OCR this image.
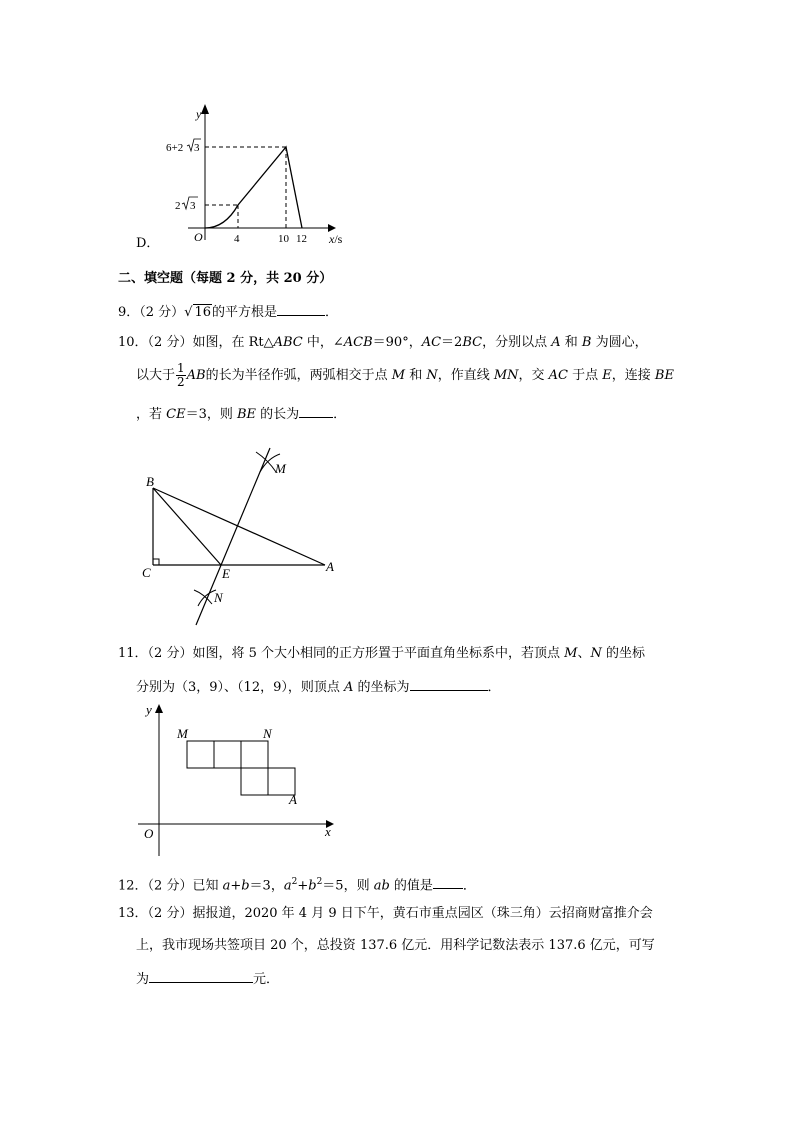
y
x/s
O	4	10 12
6+2 3
2 3
D．
二、填空题（每题 2 分，共 20 分）
9．（2 分）√ 16的平方根是	．
10．（2 分）如图，在 Rt△ABC 中，∠ACB＝90°，AC＝2BC，分别以点 A 和 B 为圆心，
以大于 $\frac{1}{2}$ AB的长为半径作弧，两弧相交于点 M 和 N，作直线 MN，交 AC 于点 E，连接 BE
，若 CE＝3，则 BE 的长为	．
B
C	E	A
M
N
11．（2 分）如图，将 5 个大小相同的正方形置于平面直角坐标系中，若顶点 M、N 的坐标
分别为（3，9）、（12，9），则顶点 A 的坐标为	．
y
x
O
M	N
A
12．（2 分）已知 a+b＝3，$a^2+b^2=5$，则 ab 的值是 ．
13．（2 分）据报道，2020 年 4 月 9 日下午，黄石市重点园区（珠三角）云招商财富推介会
上，我市现场共签项目 20 个，总投资 137.6 亿元．用科学记数法表示 137.6 亿元，可写
为	元．
